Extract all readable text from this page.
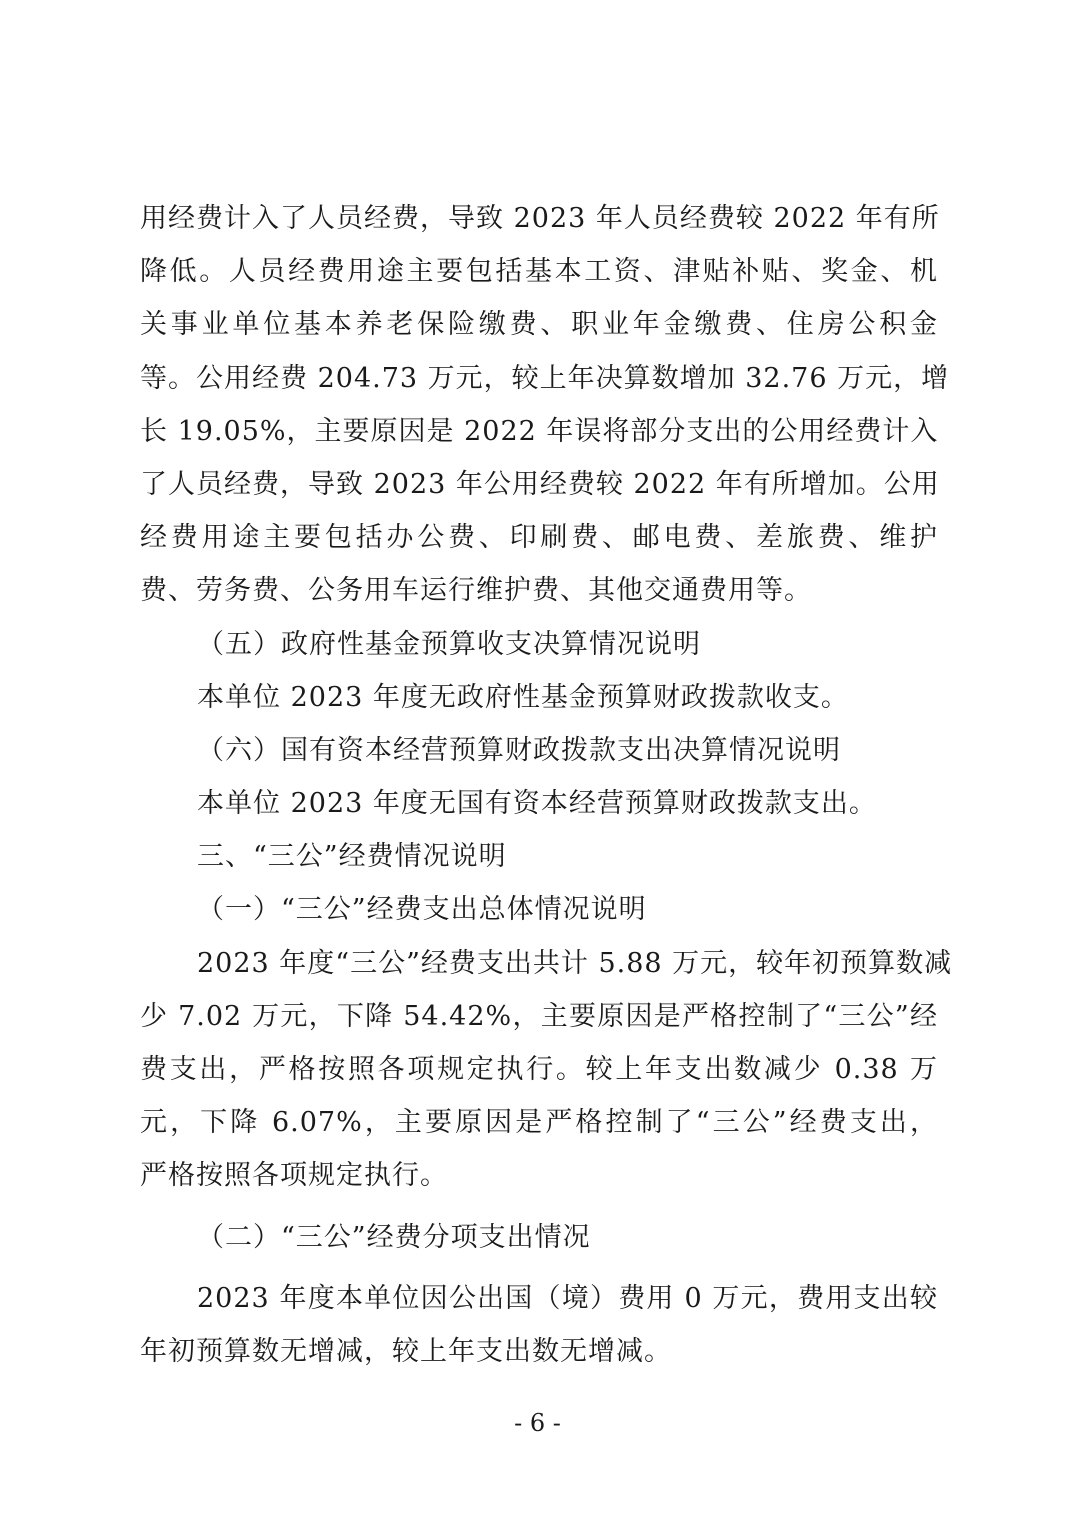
用经费计入了人员经费，导致 2023 年人员经费较 2022 年有所
降低。人员经费用途主要包括基本工资、津贴补贴、奖金、机
关事业单位基本养老保险缴费、职业年金缴费、住房公积金
等。公用经费 204.73 万元，较上年决算数增加 32.76 万元，增
长 19.05%，主要原因是 2022 年误将部分支出的公用经费计入
了人员经费，导致 2023 年公用经费较 2022 年有所增加。公用
经费用途主要包括办公费、印刷费、邮电费、差旅费、维护
费、劳务费、公务用车运行维护费、其他交通费用等。
（五）政府性基金预算收支决算情况说明
本单位 2023 年度无政府性基金预算财政拨款收支。
（六）国有资本经营预算财政拨款支出决算情况说明
本单位 2023 年度无国有资本经营预算财政拨款支出。
三、“三公”经费情况说明
（一）“三公”经费支出总体情况说明
2023 年度“三公”经费支出共计 5.88 万元，较年初预算数减
少 7.02 万元，下降 54.42%，主要原因是严格控制了“三公”经
费支出，严格按照各项规定执行。较上年支出数减少 0.38 万
元，下降 6.07%，主要原因是严格控制了“三公”经费支出，
严格按照各项规定执行。
（二）“三公”经费分项支出情况
2023 年度本单位因公出国（境）费用 0 万元，费用支出较
年初预算数无增减，较上年支出数无增减。
- 6 -
